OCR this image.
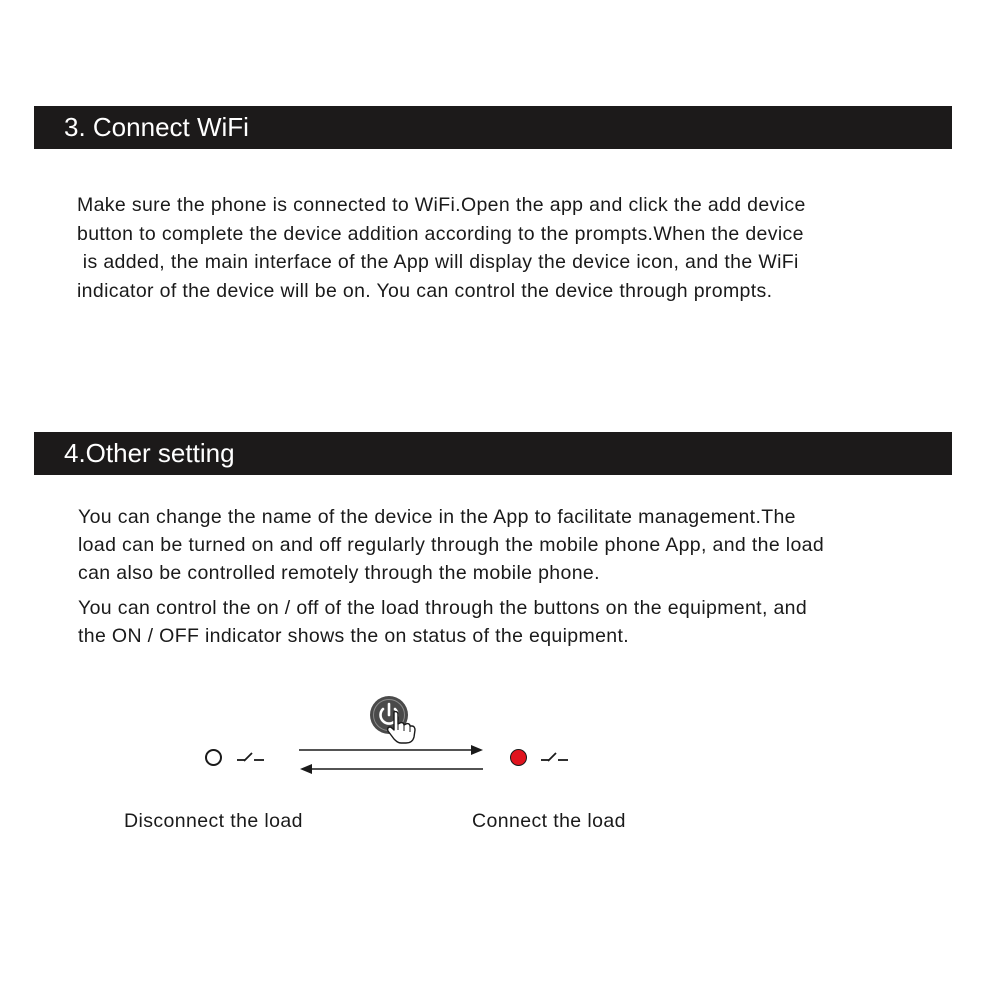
3. Connect WiFi

Make sure the phone is connected to WiFi.Open the app and click the add device

button to complete the device addition according to the prompts.When the device

is added, the main interface of the App will display the device icon, and the WiFi

indicator of the device will be on. You can control the device through prompts.

4.Other setting

You can change the name of the device in the App to facilitate management.The

load can be turned on and off regularly through the mobile phone App, and the load

can also be controlled remotely through the mobile phone.

You can control the on / off of the load through the buttons on the equipment, and

the ON / OFF indicator shows the on status of the equipment.

Disconnect the load	Connect the load
